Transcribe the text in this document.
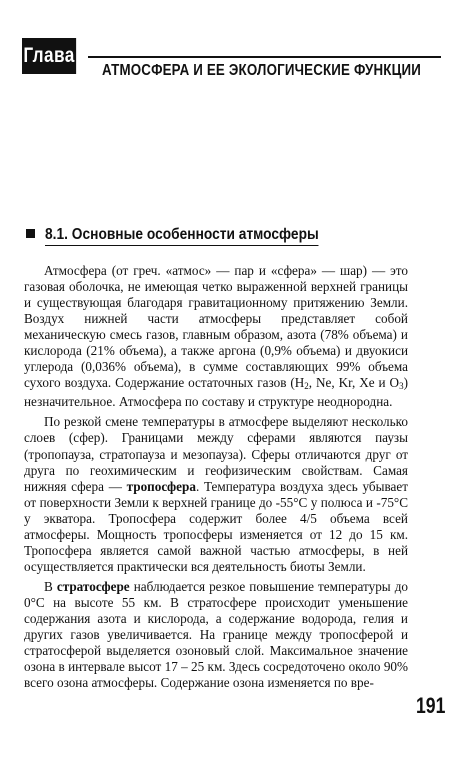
Глава 8
АТМОСФЕРА И ЕЕ ЭКОЛОГИЧЕСКИЕ ФУНКЦИИ
8.1. Основные особенности атмосферы

Атмосфера (от греч. «атмос» — пар и «сфера» — шар) — это газовая оболочка, не имеющая четко выраженной верхней границы и существующая благодаря гравитационному притяжению Земли. Воздух нижней части атмосферы представляет собой механическую смесь газов, главным образом, азота (78% объема) и кислорода (21% объема), а также аргона (0,9% объема) и двуокиси углерода (0,036% объема), в сумме составляющих 99% объема сухого воздуха. Содержание остаточных газов ($H_2$, Ne, Kr, Xe и $O_3$) незначительное. Атмосфера по составу и структуре неоднородна.

По резкой смене температуры в атмосфере выделяют несколько слоев (сфер). Границами между сферами являются паузы (тропопауза, стратопауза и мезопауза). Сферы отличаются друг от друга по геохимическим и геофизическим свойствам. Самая нижняя сфера — тропосфера. Температура воздуха здесь убывает от поверхности Земли к верхней границе до -55°С у полюса и -75°С у экватора. Тропосфера содержит более 4/5 объема всей атмосферы. Мощность тропосферы изменяется от 12 до 15 км. Тропосфера является самой важной частью атмосферы, в ней осуществляется практически вся деятельность биоты Земли.

В стратосфере наблюдается резкое повышение температуры до 0°С на высоте 55 км. В стратосфере происходит уменьшение содержания азота и кислорода, а содержание водорода, гелия и других газов увеличивается. На границе между тропосферой и стратосферой выделяется озоновый слой. Максимальное значение озона в интервале высот 17 – 25 км. Здесь сосредоточено около 90% всего озона атмосферы. Содержание озона изменяется по вре-

191
